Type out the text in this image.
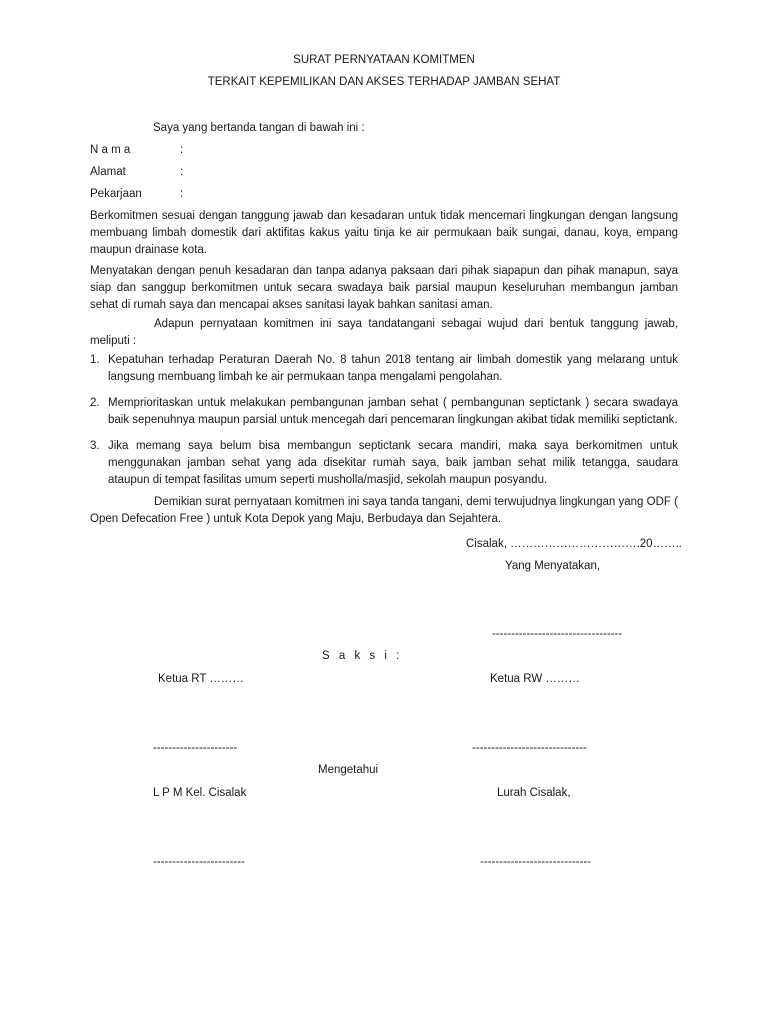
SURAT PERNYATAAN KOMITMEN
TERKAIT KEPEMILIKAN DAN AKSES TERHADAP JAMBAN SEHAT
Saya yang bertanda tangan di bawah ini :
N a m a	:
Alamat	:
Pekarjaan	:
Berkomitmen sesuai dengan tanggung jawab dan kesadaran untuk tidak mencemari lingkungan dengan langsung membuang limbah domestik dari aktifitas kakus yaitu tinja ke air permukaan baik sungai, danau, koya, empang maupun drainase kota.
Menyatakan dengan penuh kesadaran dan tanpa adanya paksaan dari pihak siapapun dan pihak manapun, saya siap dan sanggup berkomitmen untuk secara swadaya baik parsial maupun keseluruhan membangun jamban sehat di rumah saya dan mencapai akses sanitasi layak bahkan sanitasi aman.
Adapun pernyataan komitmen ini saya tandatangani sebagai wujud dari bentuk tanggung jawab, meliputi :
1. Kepatuhan terhadap Peraturan Daerah No. 8 tahun 2018 tentang air limbah domestik yang melarang untuk langsung membuang limbah ke air permukaan tanpa mengalami pengolahan.
2. Memprioritaskan untuk melakukan pembangunan jamban sehat ( pembangunan septictank ) secara swadaya baik sepenuhnya maupun parsial untuk mencegah dari pencemaran lingkungan akibat tidak memiliki septictank.
3. Jika memang saya belum bisa membangun septictank secara mandiri, maka saya berkomitmen untuk menggunakan jamban sehat yang ada disekitar rumah saya, baik jamban sehat milik tetangga, saudara ataupun di tempat fasilitas umum seperti musholla/masjid, sekolah maupun posyandu.
Demikian surat pernyataan komitmen ini saya tanda tangani, demi terwujudnya lingkungan yang ODF ( Open Defecation Free ) untuk Kota Depok yang Maju, Berbudaya dan Sejahtera.
Cisalak, …………………………….20……..
Yang Menyatakan,
----------------------------------
S a k s i :
Ketua RT ………	Ketua RW ………
----------------------	------------------------------
Mengetahui
L P M Kel. Cisalak	Lurah Cisalak,
------------------------	-----------------------------
